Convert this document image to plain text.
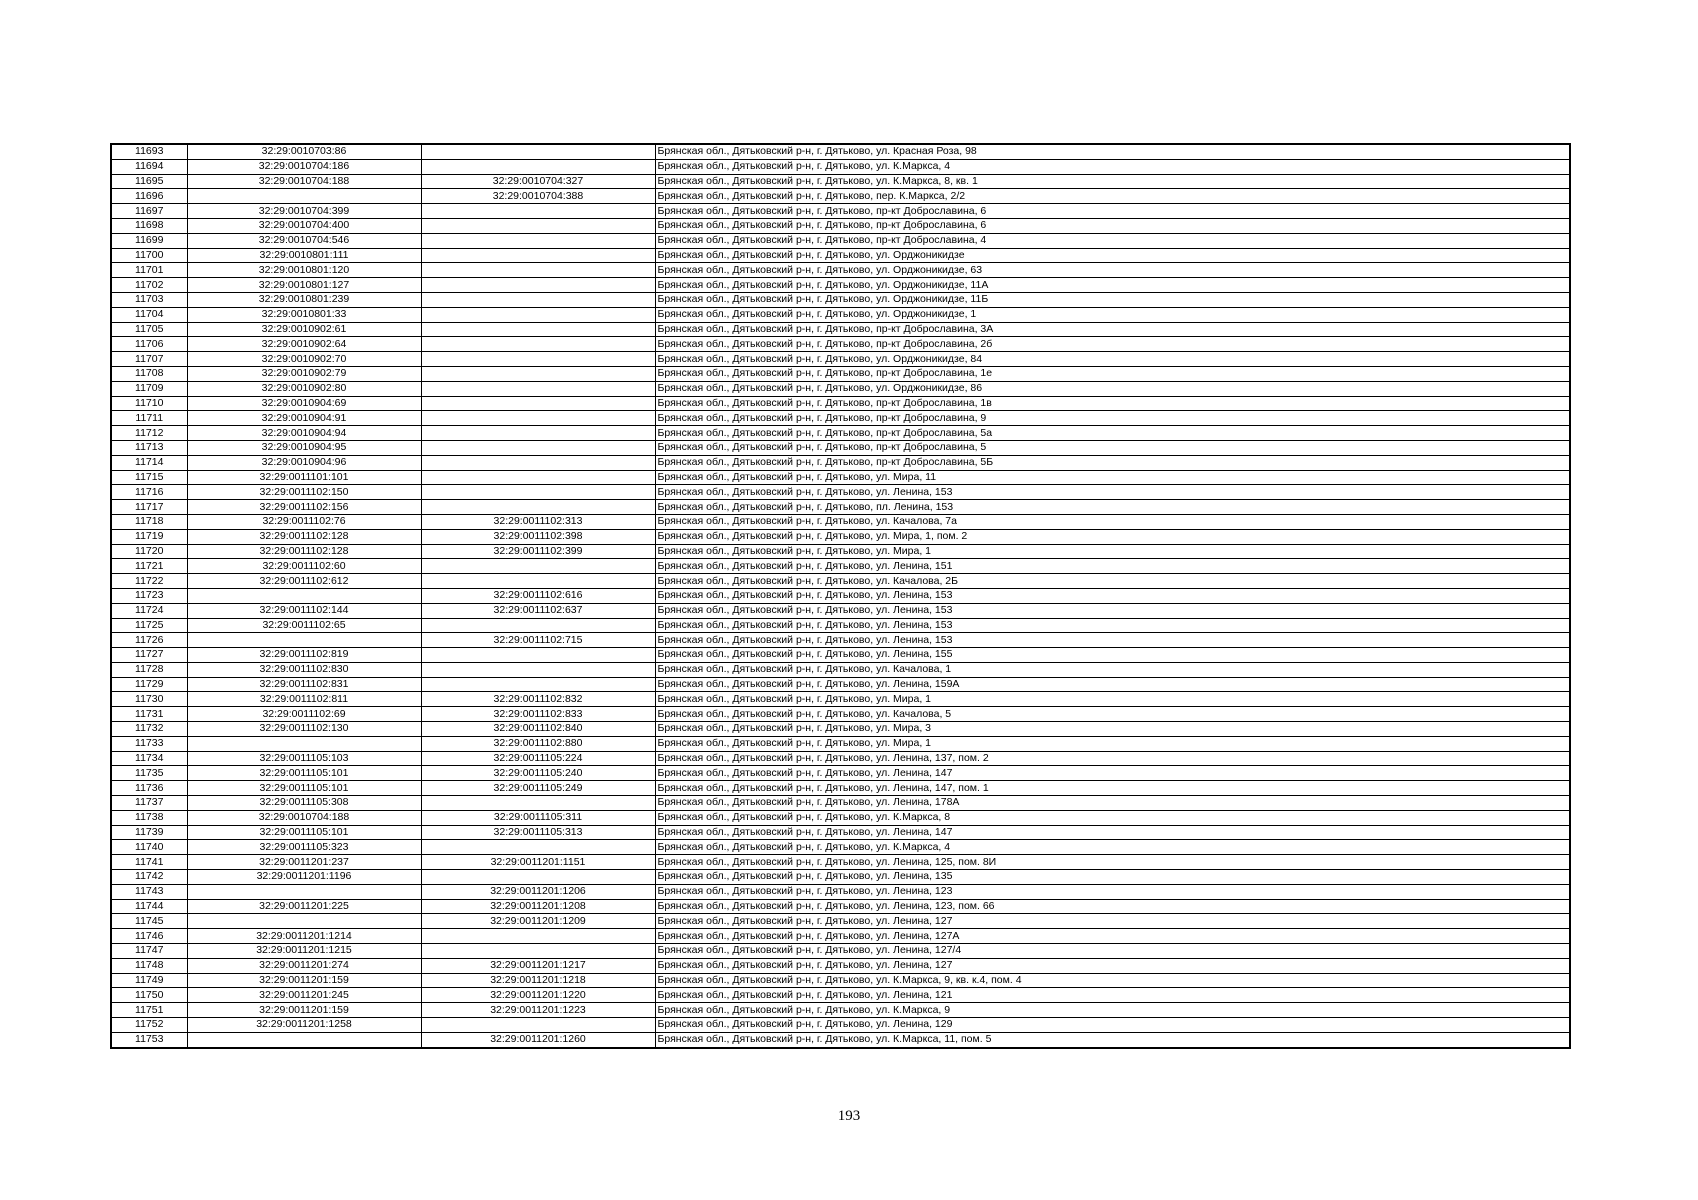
11693	32:29:0010703:86		Брянская обл., Дятьковский р-н, г. Дятьково, ул. Красная Роза, 98
11694	32:29:0010704:186		Брянская обл., Дятьковский р-н, г. Дятьково, ул. К.Маркса, 4
11695	32:29:0010704:188	32:29:0010704:327	Брянская обл., Дятьковский р-н, г. Дятьково, ул. К.Маркса, 8, кв. 1
11696		32:29:0010704:388	Брянская обл., Дятьковский р-н, г. Дятьково, пер. К.Маркса, 2/2
11697	32:29:0010704:399		Брянская обл., Дятьковский р-н, г. Дятьково, пр-кт Доброславина, 6
11698	32:29:0010704:400		Брянская обл., Дятьковский р-н, г. Дятьково, пр-кт Доброславина, 6
11699	32:29:0010704:546		Брянская обл., Дятьковский р-н, г. Дятьково, пр-кт Доброславина, 4
11700	32:29:0010801:111		Брянская обл., Дятьковский р-н, г. Дятьково, ул. Орджоникидзе
11701	32:29:0010801:120		Брянская обл., Дятьковский р-н, г. Дятьково, ул. Орджоникидзе, 63
11702	32:29:0010801:127		Брянская обл., Дятьковский р-н, г. Дятьково, ул. Орджоникидзе, 11А
11703	32:29:0010801:239		Брянская обл., Дятьковский р-н, г. Дятьково, ул. Орджоникидзе, 11Б
11704	32:29:0010801:33		Брянская обл., Дятьковский р-н, г. Дятьково, ул. Орджоникидзе, 1
11705	32:29:0010902:61		Брянская обл., Дятьковский р-н, г. Дятьково, пр-кт Доброславина, 3А
11706	32:29:0010902:64		Брянская обл., Дятьковский р-н, г. Дятьково, пр-кт Доброславина, 2б
11707	32:29:0010902:70		Брянская обл., Дятьковский р-н, г. Дятьково, ул. Орджоникидзе, 84
11708	32:29:0010902:79		Брянская обл., Дятьковский р-н, г. Дятьково, пр-кт Доброславина, 1е
11709	32:29:0010902:80		Брянская обл., Дятьковский р-н, г. Дятьково, ул. Орджоникидзе, 86
11710	32:29:0010904:69		Брянская обл., Дятьковский р-н, г. Дятьково, пр-кт Доброславина, 1в
11711	32:29:0010904:91		Брянская обл., Дятьковский р-н, г. Дятьково, пр-кт Доброславина, 9
11712	32:29:0010904:94		Брянская обл., Дятьковский р-н, г. Дятьково, пр-кт Доброславина, 5а
11713	32:29:0010904:95		Брянская обл., Дятьковский р-н, г. Дятьково, пр-кт Доброславина, 5
11714	32:29:0010904:96		Брянская обл., Дятьковский р-н, г. Дятьково, пр-кт Доброславина, 5Б
11715	32:29:0011101:101		Брянская обл., Дятьковский р-н, г. Дятьково, ул. Мира, 11
11716	32:29:0011102:150		Брянская обл., Дятьковский р-н, г. Дятьково, ул. Ленина, 153
11717	32:29:0011102:156		Брянская обл., Дятьковский р-н, г. Дятьково, пл. Ленина, 153
11718	32:29:0011102:76	32:29:0011102:313	Брянская обл., Дятьковский р-н, г. Дятьково, ул. Качалова, 7а
11719	32:29:0011102:128	32:29:0011102:398	Брянская обл., Дятьковский р-н, г. Дятьково, ул. Мира, 1, пом. 2
11720	32:29:0011102:128	32:29:0011102:399	Брянская обл., Дятьковский р-н, г. Дятьково, ул. Мира, 1
11721	32:29:0011102:60		Брянская обл., Дятьковский р-н, г. Дятьково, ул. Ленина, 151
11722	32:29:0011102:612		Брянская обл., Дятьковский р-н, г. Дятьково, ул. Качалова, 2Б
11723		32:29:0011102:616	Брянская обл., Дятьковский р-н, г. Дятьково, ул. Ленина, 153
11724	32:29:0011102:144	32:29:0011102:637	Брянская обл., Дятьковский р-н, г. Дятьково, ул. Ленина, 153
11725	32:29:0011102:65		Брянская обл., Дятьковский р-н, г. Дятьково, ул. Ленина, 153
11726		32:29:0011102:715	Брянская обл., Дятьковский р-н, г. Дятьково, ул. Ленина, 153
11727	32:29:0011102:819		Брянская обл., Дятьковский р-н, г. Дятьково, ул. Ленина, 155
11728	32:29:0011102:830		Брянская обл., Дятьковский р-н, г. Дятьково, ул. Качалова, 1
11729	32:29:0011102:831		Брянская обл., Дятьковский р-н, г. Дятьково, ул. Ленина, 159А
11730	32:29:0011102:811	32:29:0011102:832	Брянская обл., Дятьковский р-н, г. Дятьково, ул. Мира, 1
11731	32:29:0011102:69	32:29:0011102:833	Брянская обл., Дятьковский р-н, г. Дятьково, ул. Качалова, 5
11732	32:29:0011102:130	32:29:0011102:840	Брянская обл., Дятьковский р-н, г. Дятьково, ул. Мира, 3
11733		32:29:0011102:880	Брянская обл., Дятьковский р-н, г. Дятьково, ул. Мира, 1
11734	32:29:0011105:103	32:29:0011105:224	Брянская обл., Дятьковский р-н, г. Дятьково, ул. Ленина, 137, пом. 2
11735	32:29:0011105:101	32:29:0011105:240	Брянская обл., Дятьковский р-н, г. Дятьково, ул. Ленина, 147
11736	32:29:0011105:101	32:29:0011105:249	Брянская обл., Дятьковский р-н, г. Дятьково, ул. Ленина, 147, пом. 1
11737	32:29:0011105:308		Брянская обл., Дятьковский р-н, г. Дятьково, ул. Ленина, 178А
11738	32:29:0010704:188	32:29:0011105:311	Брянская обл., Дятьковский р-н, г. Дятьково, ул. К.Маркса, 8
11739	32:29:0011105:101	32:29:0011105:313	Брянская обл., Дятьковский р-н, г. Дятьково, ул. Ленина, 147
11740	32:29:0011105:323		Брянская обл., Дятьковский р-н, г. Дятьково, ул. К.Маркса, 4
11741	32:29:0011201:237	32:29:0011201:1151	Брянская обл., Дятьковский р-н, г. Дятьково, ул. Ленина, 125, пом. 8И
11742	32:29:0011201:1196		Брянская обл., Дятьковский р-н, г. Дятьково, ул. Ленина, 135
11743		32:29:0011201:1206	Брянская обл., Дятьковский р-н, г. Дятьково, ул. Ленина, 123
11744	32:29:0011201:225	32:29:0011201:1208	Брянская обл., Дятьковский р-н, г. Дятьково, ул. Ленина, 123, пом. 66
11745		32:29:0011201:1209	Брянская обл., Дятьковский р-н, г. Дятьково, ул. Ленина, 127
11746	32:29:0011201:1214		Брянская обл., Дятьковский р-н, г. Дятьково, ул. Ленина, 127А
11747	32:29:0011201:1215		Брянская обл., Дятьковский р-н, г. Дятьково, ул. Ленина, 127/4
11748	32:29:0011201:274	32:29:0011201:1217	Брянская обл., Дятьковский р-н, г. Дятьково, ул. Ленина, 127
11749	32:29:0011201:159	32:29:0011201:1218	Брянская обл., Дятьковский р-н, г. Дятьково, ул. К.Маркса, 9, кв. к.4, пом. 4
11750	32:29:0011201:245	32:29:0011201:1220	Брянская обл., Дятьковский р-н, г. Дятьково, ул. Ленина, 121
11751	32:29:0011201:159	32:29:0011201:1223	Брянская обл., Дятьковский р-н, г. Дятьково, ул. К.Маркса, 9
11752	32:29:0011201:1258		Брянская обл., Дятьковский р-н, г. Дятьково, ул. Ленина, 129
11753		32:29:0011201:1260	Брянская обл., Дятьковский р-н, г. Дятьково, ул. К.Маркса, 11, пом. 5
193
